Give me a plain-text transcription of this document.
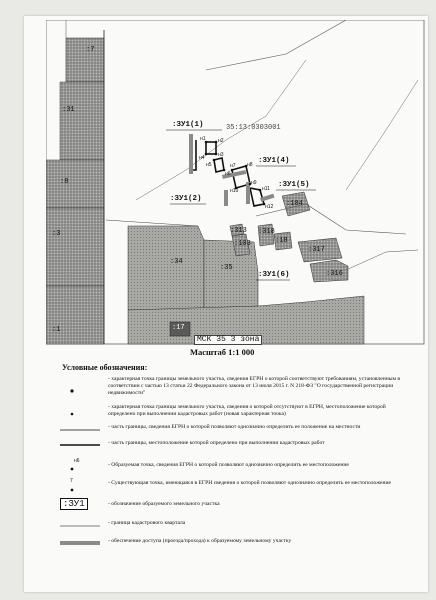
:7
:31
:8
:3
:1
:34
:35
:17
:104
:313
:103
:318
:18
:317
:316
:ЗУ1(1)
:ЗУ1(4)
:ЗУ1(5)
:ЗУ1(2)
:ЗУ1(6)
н1 н2
н3
н4
н5
н6
н7 н8
н9
н10	н11
н12
35:13:0303001
МСК 35 3 зона
Масштаб 1:1 000
Условные обозначения:
- характерная точка границы земельного участка, сведения ЕГРН о которой соответствуют требованиям, установленным в соответствии с частью 13 статьи 22 Федерального закона от 13 июля 2015 г. N 218-ФЗ "О государственной регистрации недвижимости"
- характерная точка границы земельного участка, сведения о которой отсутствуют в ЕГРН, местоположение которой определено при выполнении кадастровых работ (новая характерная точка)
- часть границы, сведения ЕГРН о которой позволяют однозначно определить ее положение на местности
- часть границы, местоположение которой определено при выполнении кадастровых работ
н6
- Образуемая точка, сведения ЕГРН о которой позволяют однозначно определить ее местоположение
7	- Существующая точка, имеющаяся в ЕГРН сведения о которой позволяют однозначно определить ее местоположение
:ЗУ1	- обозначение образуемого земельного участка
- граница кадастрового квартала
- обеспечение доступа (проезда/прохода) к образуемому земельному участку
